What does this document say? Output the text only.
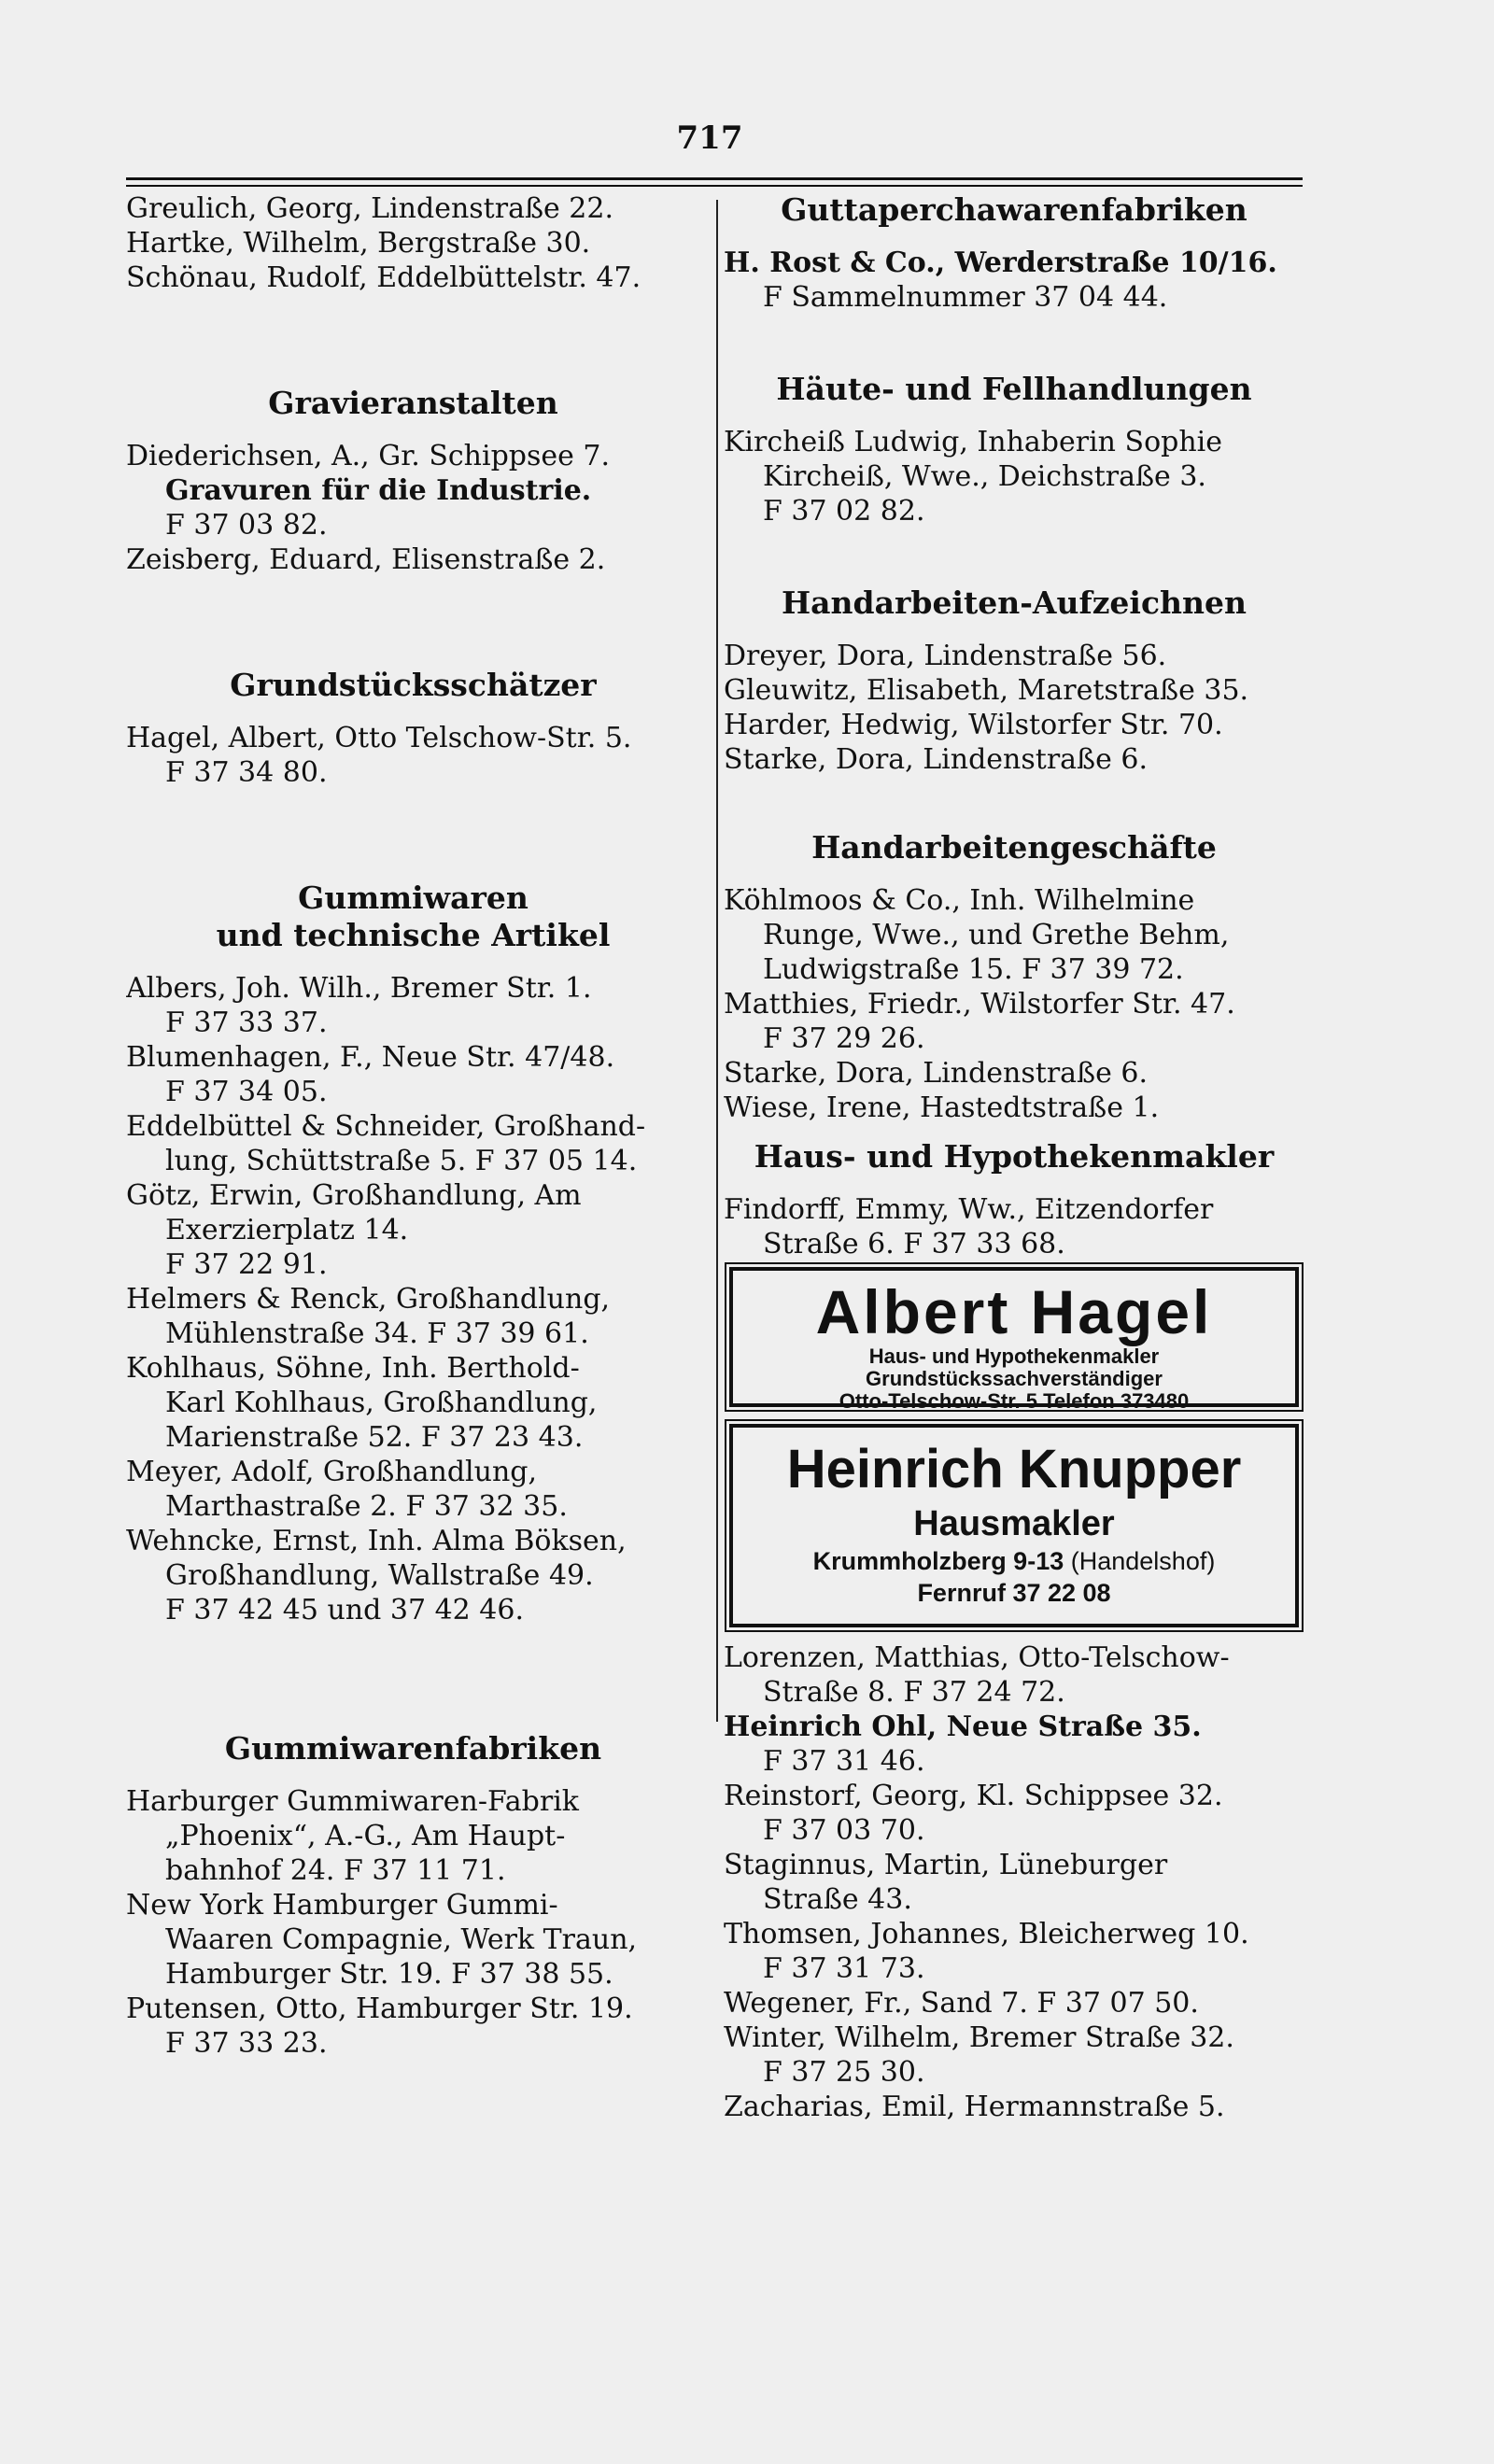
717

Greulich, Georg, Lindenstraße 22.

Hartke, Wilhelm, Bergstraße 30.

Schönau, Rudolf, Eddelbüttelstr. 47.

Gravieranstalten

Diederichsen, A., Gr. Schippsee 7.
Gravuren für die Industrie.
F 37 03 82.

Zeisberg, Eduard, Elisenstraße 2.

Grundstücksschätzer

Hagel, Albert, Otto Telschow-Str. 5.
F 37 34 80.

Gummiwaren
und technische Artikel

Albers, Joh. Wilh., Bremer Str. 1.
F 37 33 37.

Blumenhagen, F., Neue Str. 47/48.
F 37 34 05.

Eddelbüttel & Schneider, Großhand-
lung, Schüttstraße 5. F 37 05 14.

Götz, Erwin, Großhandlung, Am
Exerzierplatz 14.
F 37 22 91.

Helmers & Renck, Großhandlung,
Mühlenstraße 34. F 37 39 61.

Kohlhaus, Söhne, Inh. Berthold-
Karl Kohlhaus, Großhandlung,
Marienstraße 52. F 37 23 43.

Meyer, Adolf, Großhandlung,
Marthastraße 2. F 37 32 35.

Wehncke, Ernst, Inh. Alma Böksen,
Großhandlung, Wallstraße 49.
F 37 42 45 und 37 42 46.

Gummiwarenfabriken

Harburger Gummiwaren-Fabrik
„Phoenix“, A.-G., Am Haupt-
bahnhof 24. F 37 11 71.

New York Hamburger Gummi-
Waaren Compagnie, Werk Traun,
Hamburger Str. 19. F 37 38 55.

Putensen, Otto, Hamburger Str. 19.
F 37 33 23.

Guttaperchawarenfabriken

H. Rost & Co., Werderstraße 10/16.
F Sammelnummer 37 04 44.

Häute- und Fellhandlungen

Kircheiß Ludwig, Inhaberin Sophie
Kircheiß, Wwe., Deichstraße 3.
F 37 02 82.

Handarbeiten-Aufzeichnen

Dreyer, Dora, Lindenstraße 56.

Gleuwitz, Elisabeth, Maretstraße 35.

Harder, Hedwig, Wilstorfer Str. 70.

Starke, Dora, Lindenstraße 6.

Handarbeitengeschäfte

Köhlmoos & Co., Inh. Wilhelmine
Runge, Wwe., und Grethe Behm,
Ludwigstraße 15. F 37 39 72.

Matthies, Friedr., Wilstorfer Str. 47.
F 37 29 26.

Starke, Dora, Lindenstraße 6.

Wiese, Irene, Hastedtstraße 1.

Haus- und Hypothekenmakler

Findorff, Emmy, Ww., Eitzendorfer
Straße 6. F 37 33 68.

Albert Hagel
Haus- und Hypothekenmakler
Grundstückssachverständiger
Otto-Telschow-Str. 5 Telefon 373480
Heinrich Knupper
Hausmakler
Krummholzberg 9-13 (Handelshof)
Fernruf 37 22 08

Lorenzen, Matthias, Otto-Telschow-
Straße 8. F 37 24 72.

Heinrich Ohl, Neue Straße 35.
F 37 31 46.

Reinstorf, Georg, Kl. Schippsee 32.
F 37 03 70.

Staginnus, Martin, Lüneburger
Straße 43.

Thomsen, Johannes, Bleicherweg 10.
F 37 31 73.

Wegener, Fr., Sand 7. F 37 07 50.

Winter, Wilhelm, Bremer Straße 32.
F 37 25 30.

Zacharias, Emil, Hermannstraße 5.
